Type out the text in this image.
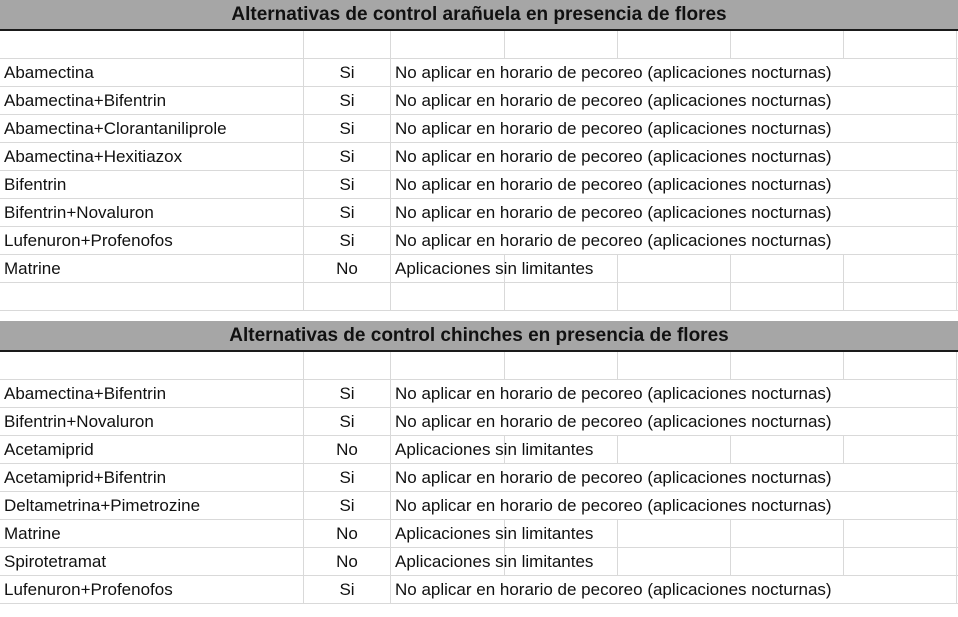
Alternativas de control arañuela en presencia de flores
Abamectina	Si	No aplicar en horario de pecoreo (aplicaciones nocturnas)
Abamectina+Bifentrin	Si	No aplicar en horario de pecoreo (aplicaciones nocturnas)
Abamectina+Clorantaniliprole	Si	No aplicar en horario de pecoreo (aplicaciones nocturnas)
Abamectina+Hexitiazox	Si	No aplicar en horario de pecoreo (aplicaciones nocturnas)
Bifentrin	Si	No aplicar en horario de pecoreo (aplicaciones nocturnas)
Bifentrin+Novaluron	Si	No aplicar en horario de pecoreo (aplicaciones nocturnas)
Lufenuron+Profenofos	Si	No aplicar en horario de pecoreo (aplicaciones nocturnas)
Matrine	No	Aplicaciones sin limitantes
Alternativas de control chinches en presencia de flores
Abamectina+Bifentrin	Si	No aplicar en horario de pecoreo (aplicaciones nocturnas)
Bifentrin+Novaluron	Si	No aplicar en horario de pecoreo (aplicaciones nocturnas)
Acetamiprid	No	Aplicaciones sin limitantes
Acetamiprid+Bifentrin	Si	No aplicar en horario de pecoreo (aplicaciones nocturnas)
Deltametrina+Pimetrozine	Si	No aplicar en horario de pecoreo (aplicaciones nocturnas)
Matrine	No	Aplicaciones sin limitantes
Spirotetramat	No	Aplicaciones sin limitantes
Lufenuron+Profenofos	Si	No aplicar en horario de pecoreo (aplicaciones nocturnas)
